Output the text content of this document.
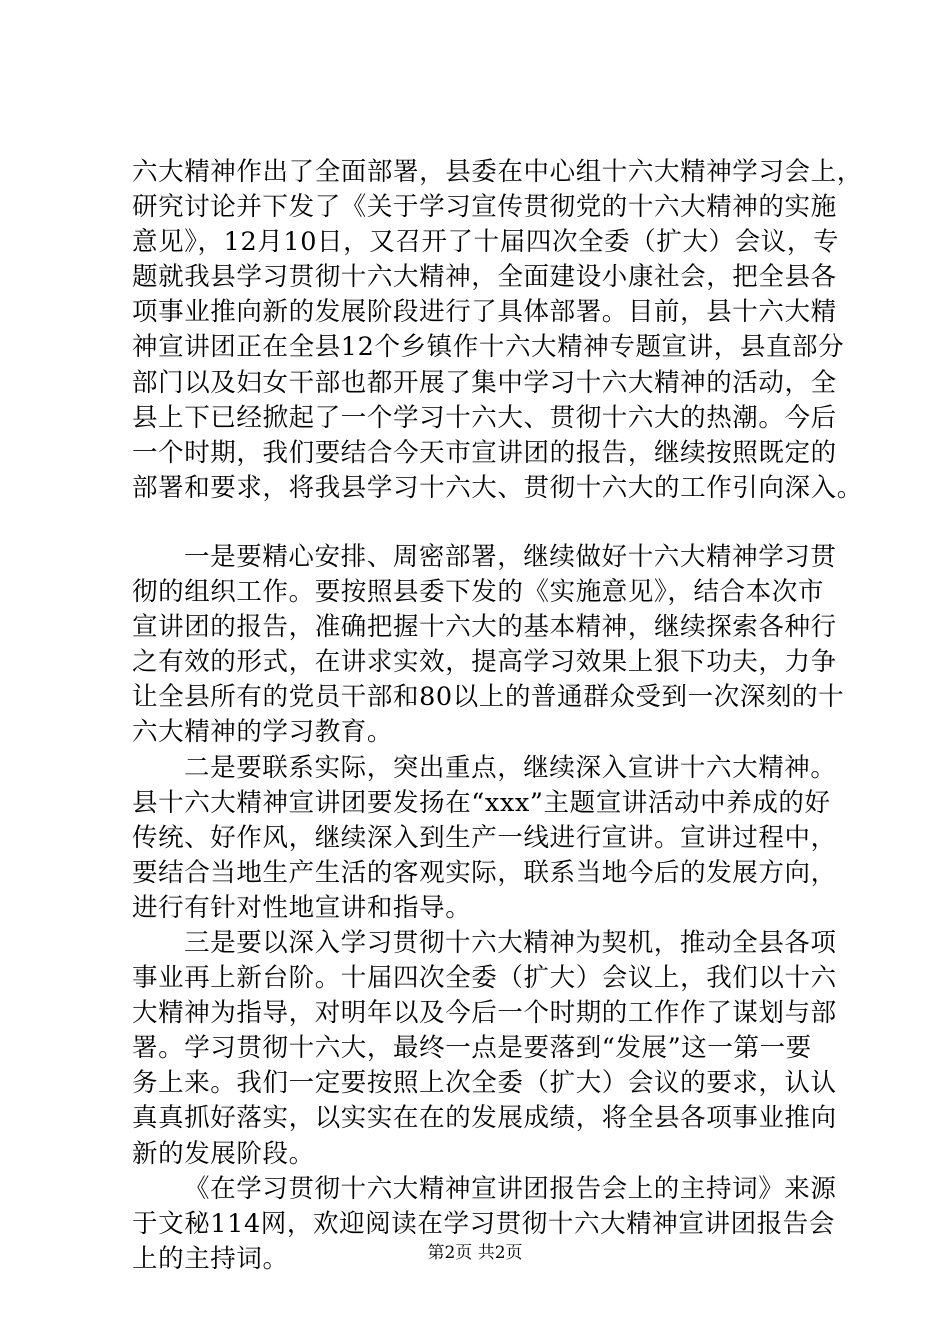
六大精神作出了全面部署，县委在中心组十六大精神学习会上，
研究讨论并下发了《关于学习宣传贯彻党的十六大精神的实施
意见》，12月10日，又召开了十届四次全委（扩大）会议，专
题就我县学习贯彻十六大精神，全面建设小康社会，把全县各
项事业推向新的发展阶段进行了具体部署。目前，县十六大精
神宣讲团正在全县12个乡镇作十六大精神专题宣讲，县直部分
部门以及妇女干部也都开展了集中学习十六大精神的活动，全
县上下已经掀起了一个学习十六大、贯彻十六大的热潮。今后
一个时期，我们要结合今天市宣讲团的报告，继续按照既定的
部署和要求，将我县学习十六大、贯彻十六大的工作引向深入。
一是要精心安排、周密部署，继续做好十六大精神学习贯
彻的组织工作。要按照县委下发的《实施意见》，结合本次市
宣讲团的报告，准确把握十六大的基本精神，继续探索各种行
之有效的形式，在讲求实效，提高学习效果上狠下功夫，力争
让全县所有的党员干部和80以上的普通群众受到一次深刻的十
六大精神的学习教育。
二是要联系实际，突出重点，继续深入宣讲十六大精神。
县十六大精神宣讲团要发扬在“xxx”主题宣讲活动中养成的好
传统、好作风，继续深入到生产一线进行宣讲。宣讲过程中，
要结合当地生产生活的客观实际，联系当地今后的发展方向，
进行有针对性地宣讲和指导。
三是要以深入学习贯彻十六大精神为契机，推动全县各项
事业再上新台阶。十届四次全委（扩大）会议上，我们以十六
大精神为指导，对明年以及今后一个时期的工作作了谋划与部
署。学习贯彻十六大，最终一点是要落到“发展”这一第一要
务上来。我们一定要按照上次全委（扩大）会议的要求，认认
真真抓好落实，以实实在在的发展成绩，将全县各项事业推向
新的发展阶段。
《在学习贯彻十六大精神宣讲团报告会上的主持词》来源
于文秘114网，欢迎阅读在学习贯彻十六大精神宣讲团报告会
上的主持词。	第2页 共2页
